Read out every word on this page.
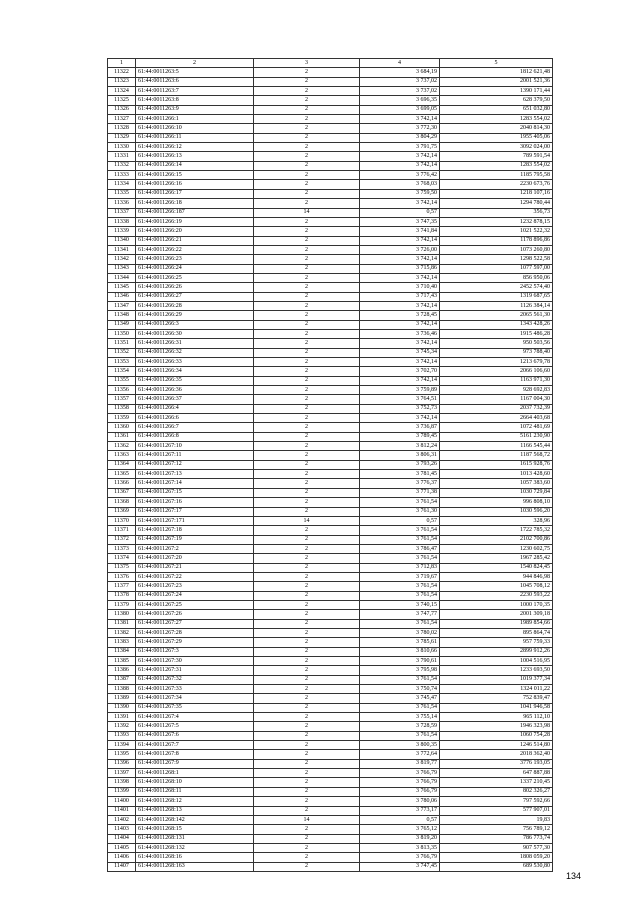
1	2	3	4	5
11322	61:44:0011263:5	2	3 684,19	1812 621,48
11323	61:44:0011263:6	2	3 737,02	2001 521,36
11324	61:44:0011263:7	2	3 737,02	1390 171,44
11325	61:44:0011263:8	2	3 696,35	628 379,50
11326	61:44:0011263:9	2	3 699,05	651 032,80
11327	61:44:0011266:1	2	3 742,14	1283 554,02
11328	61:44:0011266:10	2	3 772,30	2040 814,30
11329	61:44:0011266:11	2	3 804,29	1955 405,06
11330	61:44:0011266:12	2	3 791,75	3092 024,00
11331	61:44:0011266:13	2	3 742,14	789 591,54
11332	61:44:0011266:14	2	3 742,14	1283 554,02
11333	61:44:0011266:15	2	3 776,42	1185 795,58
11334	61:44:0011266:16	2	3 768,03	2230 673,76
11335	61:44:0011266:17	2	3 759,50	1218 107,16
11336	61:44:0011266:18	2	3 742,14	1294 780,44
11337	61:44:0011266:187	14	0,57	356,73
11338	61:44:0011266:19	2	3 747,35	1232 878,15
11339	61:44:0011266:20	2	3 741,84	1021 522,32
11340	61:44:0011266:21	2	3 742,14	1178 896,86
11341	61:44:0011266:22	2	3 726,00	1073 260,80
11342	61:44:0011266:23	2	3 742,14	1298 522,58
11343	61:44:0011266:24	2	3 715,86	1077 597,00
11344	61:44:0011266:25	2	3 742,14	856 950,06
11345	61:44:0011266:26	2	3 710,40	2452 574,40
11346	61:44:0011266:27	2	3 717,43	1319 687,65
11347	61:44:0011266:28	2	3 742,14	1126 384,14
11348	61:44:0011266:29	2	3 728,45	2065 561,30
11349	61:44:0011266:3	2	3 742,14	1343 428,26
11350	61:44:0011266:30	2	3 736,46	1915 486,28
11351	61:44:0011266:31	2	3 742,14	950 503,56
11352	61:44:0011266:32	2	3 745,34	973 788,40
11353	61:44:0011266:33	2	3 742,14	1213 679,78
11354	61:44:0011266:34	2	3 702,70	2066 106,60
11355	61:44:0011266:35	2	3 742,14	1163 971,30
11356	61:44:0011266:36	2	3 759,89	928 692,83
11357	61:44:0011266:37	2	3 764,51	1167 004,30
11358	61:44:0011266:4	2	3 752,73	2037 732,39
11359	61:44:0011266:6	2	3 742,14	2664 403,68
11360	61:44:0011266:7	2	3 736,87	1072 481,69
11361	61:44:0011266:8	2	3 789,45	5161 230,90
11362	61:44:0011267:10	2	3 812,24	1166 545,44
11363	61:44:0011267:11	2	3 806,31	1187 568,72
11364	61:44:0011267:12	2	3 793,26	1615 928,76
11365	61:44:0011267:13	2	3 781,45	1013 428,60
11366	61:44:0011267:14	2	3 776,37	1057 383,60
11367	61:44:0011267:15	2	3 771,38	1030 729,84
11368	61:44:0011267:16	2	3 761,54	996 808,10
11369	61:44:0011267:17	2	3 761,30	1030 596,20
11370	61:44:0011267:171	14	0,57	328,96
11371	61:44:0011267:18	2	3 761,54	1722 785,32
11372	61:44:0011267:19	2	3 761,54	2102 700,86
11373	61:44:0011267:2	2	3 786,47	1230 602,75
11374	61:44:0011267:20	2	3 761,54	1967 285,42
11375	61:44:0011267:21	2	3 712,83	1540 824,45
11376	61:44:0011267:22	2	3 719,67	944 846,98
11377	61:44:0011267:23	2	3 761,54	1045 708,12
11378	61:44:0011267:24	2	3 761,54	2230 593,22
11379	61:44:0011267:25	2	3 740,15	1000 170,35
11380	61:44:0011267:26	2	3 747,77	2001 309,18
11381	61:44:0011267:27	2	3 761,54	1989 854,66
11382	61:44:0011267:28	2	3 780,02	895 864,74
11383	61:44:0011267:29	2	3 785,61	957 759,33
11384	61:44:0011267:3	2	3 810,66	2899 912,26
11385	61:44:0011267:30	2	3 790,61	1004 516,95
11386	61:44:0011267:31	2	3 795,98	1233 693,50
11387	61:44:0011267:32	2	3 761,54	1019 377,34
11388	61:44:0011267:33	2	3 750,74	1324 011,22
11389	61:44:0011267:34	2	3 745,47	752 839,47
11390	61:44:0011267:35	2	3 761,54	1041 946,58
11391	61:44:0011267:4	2	3 755,14	965 112,10
11392	61:44:0011267:5	2	3 728,59	1946 323,98
11393	61:44:0011267:6	2	3 761,54	1060 754,28
11394	61:44:0011267:7	2	3 800,35	1246 514,80
11395	61:44:0011267:8	2	3 772,64	2018 362,40
11396	61:44:0011267:9	2	3 819,77	3776 193,05
11397	61:44:0011268:1	2	3 766,79	647 887,88
11398	61:44:0011268:10	2	3 766,79	1337 210,45
11399	61:44:0011268:11	2	3 766,79	802 326,27
11400	61:44:0011268:12	2	3 780,06	797 592,66
11401	61:44:0011268:13	2	3 773,17	577 907,01
11402	61:44:0011268:142	14	0,57	19,83
11403	61:44:0011268:15	2	3 765,12	756 789,12
11404	61:44:0011268:131	2	3 819,20	786 773,74
11405	61:44:0011268:132	2	3 813,35	907 577,30
11406	61:44:0011268:16	2	3 766,79	1808 059,20
11407	61:44:0011268:163	2	3 747,45	689 530,80
134
